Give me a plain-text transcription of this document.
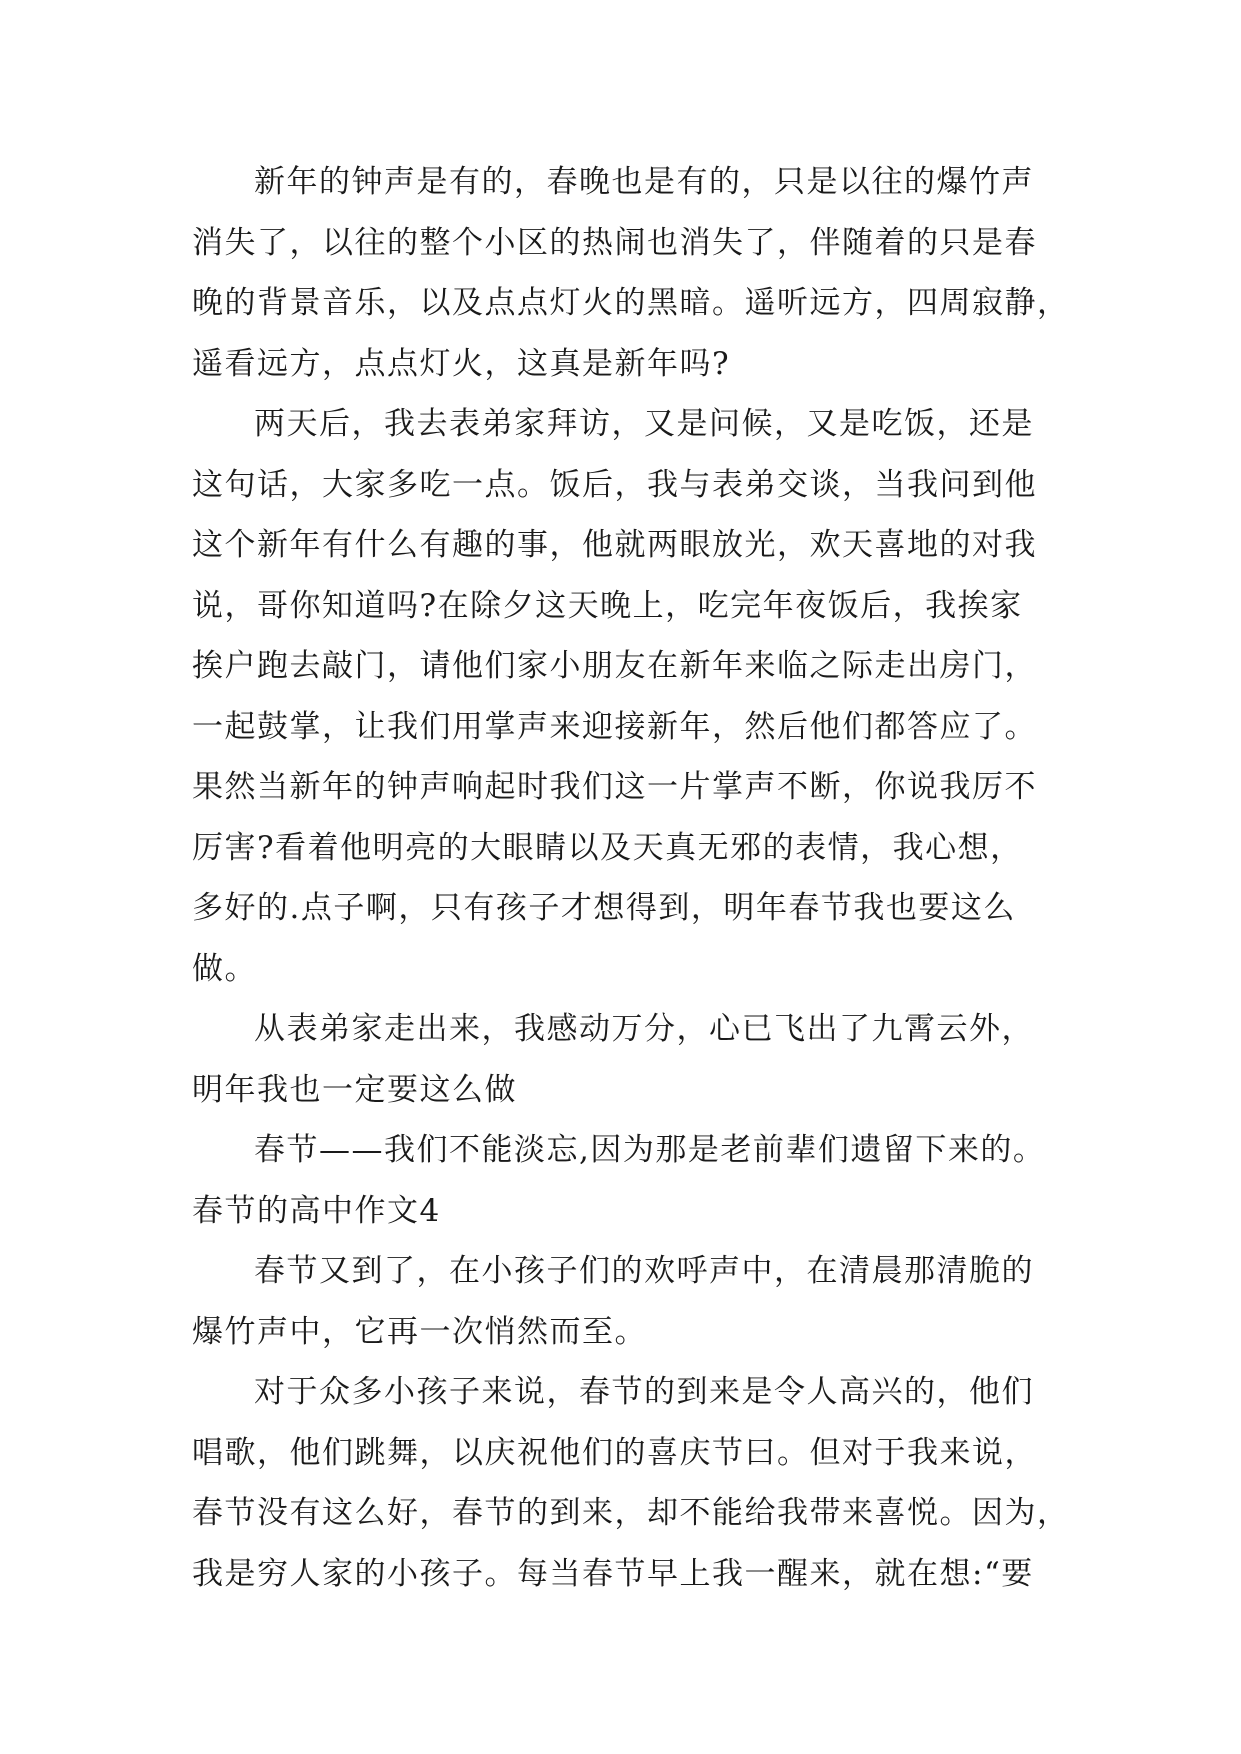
新年的钟声是有的，春晚也是有的，只是以往的爆竹声
消失了，以往的整个小区的热闹也消失了，伴随着的只是春
晚的背景音乐，以及点点灯火的黑暗。遥听远方，四周寂静，
遥看远方，点点灯火，这真是新年吗?
两天后，我去表弟家拜访，又是问候，又是吃饭，还是
这句话，大家多吃一点。饭后，我与表弟交谈，当我问到他
这个新年有什么有趣的事，他就两眼放光，欢天喜地的对我
说，哥你知道吗?在除夕这天晚上，吃完年夜饭后，我挨家
挨户跑去敲门，请他们家小朋友在新年来临之际走出房门，
一起鼓掌，让我们用掌声来迎接新年，然后他们都答应了。
果然当新年的钟声响起时我们这一片掌声不断，你说我厉不
厉害?看着他明亮的大眼睛以及天真无邪的表情，我心想，
多好的.点子啊，只有孩子才想得到，明年春节我也要这么
做。
从表弟家走出来，我感动万分，心已飞出了九霄云外，
明年我也一定要这么做
春节——我们不能淡忘,因为那是老前辈们遗留下来的。
春节的高中作文4
春节又到了，在小孩子们的欢呼声中，在清晨那清脆的
爆竹声中，它再一次悄然而至。
对于众多小孩子来说，春节的到来是令人高兴的，他们
唱歌，他们跳舞，以庆祝他们的喜庆节曰。但对于我来说，
春节没有这么好，春节的到来，却不能给我带来喜悦。因为，
我是穷人家的小孩子。每当春节早上我一醒来，就在想:“要
